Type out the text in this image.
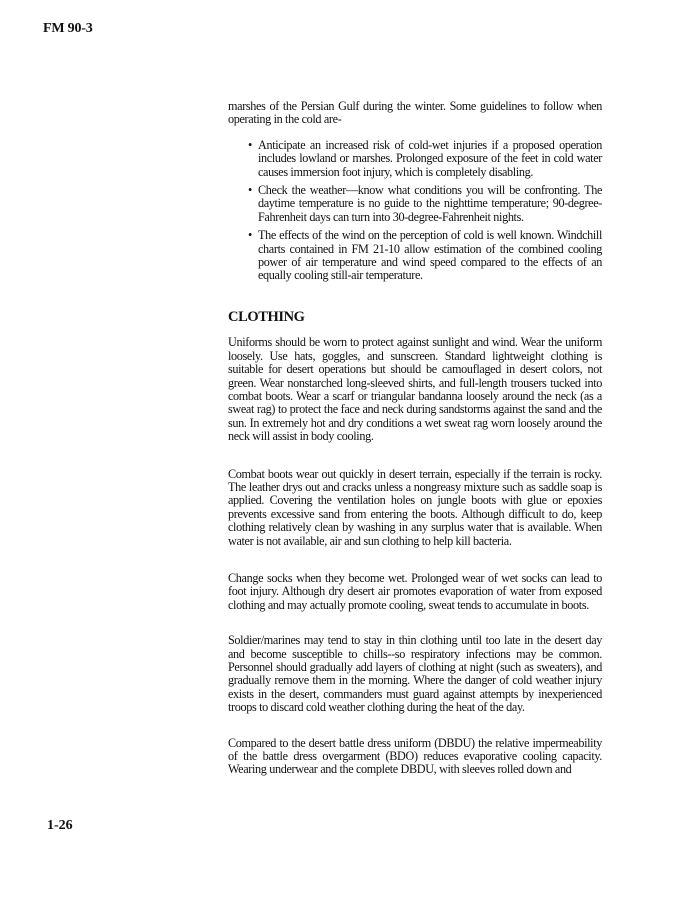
FM 90-3

marshes of the Persian Gulf during the winter. Some guidelines to follow when operating in the cold are-

• Anticipate an increased risk of cold-wet injuries if a proposed operation includes lowland or marshes. Prolonged exposure of the feet in cold water causes immersion foot injury, which is completely disabling.
• Check the weather—know what conditions you will be confronting. The daytime temperature is no guide to the nighttime temperature; 90-degree-Fahrenheit days can turn into 30-degree-Fahrenheit nights.
• The effects of the wind on the perception of cold is well known. Windchill charts contained in FM 21-10 allow estimation of the combined cooling power of air temperature and wind speed compared to the effects of an equally cooling still-air temperature.
CLOTHING

Uniforms should be worn to protect against sunlight and wind. Wear the uniform loosely. Use hats, goggles, and sunscreen. Standard lightweight clothing is suitable for desert operations but should be camouflaged in desert colors, not green. Wear nonstarched long-sleeved shirts, and full-length trousers tucked into combat boots. Wear a scarf or triangular bandanna loosely around the neck (as a sweat rag) to protect the face and neck during sandstorms against the sand and the sun. In extremely hot and dry conditions a wet sweat rag worn loosely around the neck will assist in body cooling.

Combat boots wear out quickly in desert terrain, especially if the terrain is rocky. The leather drys out and cracks unless a nongreasy mixture such as saddle soap is applied. Covering the ventilation holes on jungle boots with glue or epoxies prevents excessive sand from entering the boots. Although difficult to do, keep clothing relatively clean by washing in any surplus water that is available. When water is not available, air and sun clothing to help kill bacteria.

Change socks when they become wet. Prolonged wear of wet socks can lead to foot injury. Although dry desert air promotes evaporation of water from exposed clothing and may actually promote cooling, sweat tends to accumulate in boots.

Soldier/marines may tend to stay in thin clothing until too late in the desert day and become susceptible to chills--so respiratory infections may be common. Personnel should gradually add layers of clothing at night (such as sweaters), and gradually remove them in the morning. Where the danger of cold weather injury exists in the desert, commanders must guard against attempts by inexperienced troops to discard cold weather clothing during the heat of the day.

Compared to the desert battle dress uniform (DBDU) the relative impermeability of the battle dress overgarment (BDO) reduces evaporative cooling capacity. Wearing underwear and the complete DBDU, with sleeves rolled down and

1-26
